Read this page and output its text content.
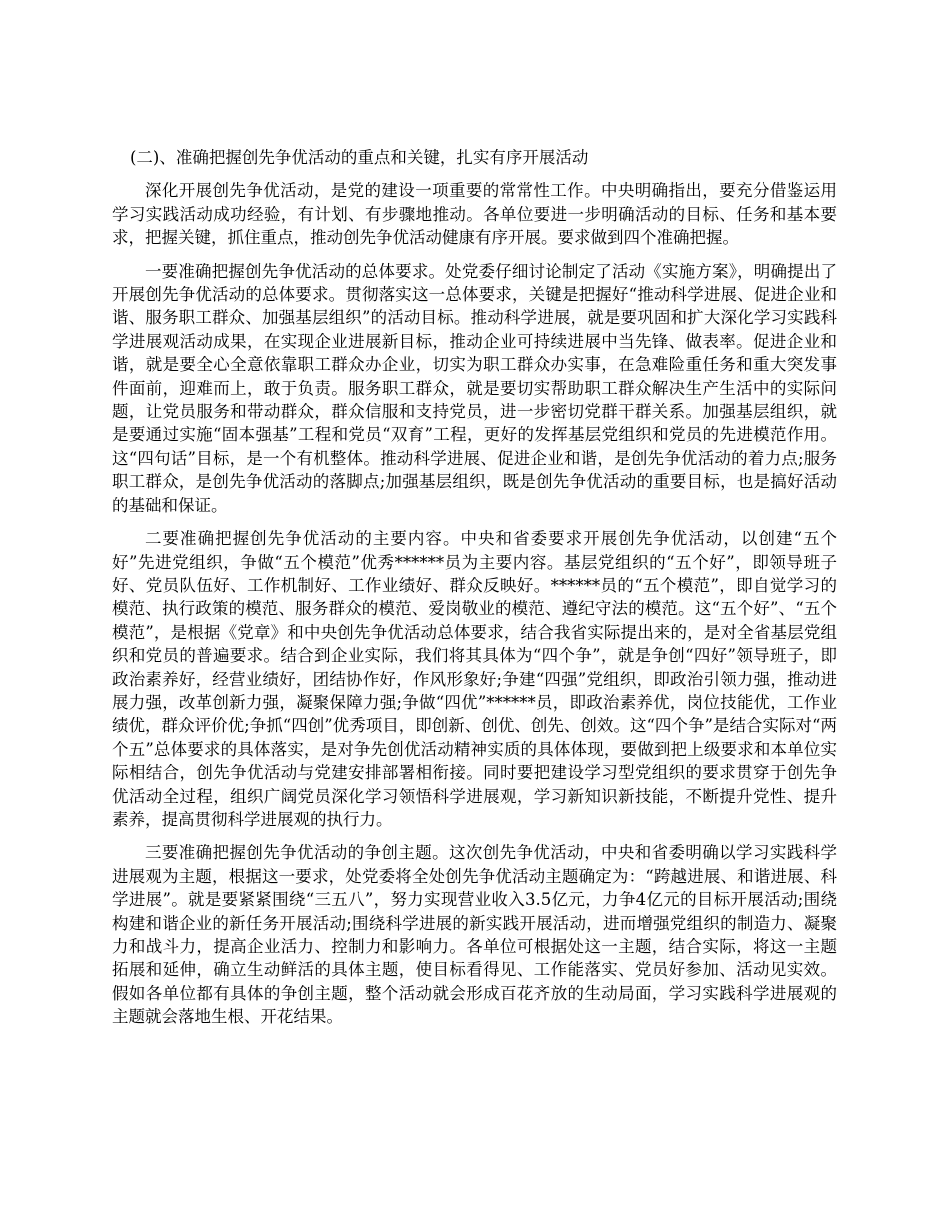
(二)、准确把握创先争优活动的重点和关键，扎实有序开展活动

深化开展创先争优活动，是党的建设一项重要的常常性工作。中央明确指出，要充分借鉴运用学习实践活动成功经验，有计划、有步骤地推动。各单位要进一步明确活动的目标、任务和基本要求，把握关键，抓住重点，推动创先争优活动健康有序开展。要求做到四个准确把握。

一要准确把握创先争优活动的总体要求。处党委仔细讨论制定了活动《实施方案》，明确提出了开展创先争优活动的总体要求。贯彻落实这一总体要求，关键是把握好“推动科学进展、促进企业和谐、服务职工群众、加强基层组织”的活动目标。推动科学进展，就是要巩固和扩大深化学习实践科学进展观活动成果，在实现企业进展新目标，推动企业可持续进展中当先锋、做表率。促进企业和谐，就是要全心全意依靠职工群众办企业，切实为职工群众办实事，在急难险重任务和重大突发事件面前，迎难而上，敢于负责。服务职工群众，就是要切实帮助职工群众解决生产生活中的实际问题，让党员服务和带动群众，群众信服和支持党员，进一步密切党群干群关系。加强基层组织，就是要通过实施“固本强基”工程和党员“双育”工程，更好的发挥基层党组织和党员的先进模范作用。这“四句话”目标，是一个有机整体。推动科学进展、促进企业和谐，是创先争优活动的着力点;服务职工群众，是创先争优活动的落脚点;加强基层组织，既是创先争优活动的重要目标，也是搞好活动的基础和保证。

二要准确把握创先争优活动的主要内容。中央和省委要求开展创先争优活动，以创建“五个好”先进党组织，争做“五个模范”优秀******员为主要内容。基层党组织的“五个好”，即领导班子好、党员队伍好、工作机制好、工作业绩好、群众反映好。******员的“五个模范”，即自觉学习的模范、执行政策的模范、服务群众的模范、爱岗敬业的模范、遵纪守法的模范。这“五个好”、“五个模范”，是根据《党章》和中央创先争优活动总体要求，结合我省实际提出来的，是对全省基层党组织和党员的普遍要求。结合到企业实际，我们将其具体为“四个争”，就是争创“四好”领导班子，即政治素养好，经营业绩好，团结协作好，作风形象好;争建“四强”党组织，即政治引领力强，推动进展力强，改革创新力强，凝聚保障力强;争做“四优”******员，即政治素养优，岗位技能优，工作业绩优，群众评价优;争抓“四创”优秀项目，即创新、创优、创先、创效。这“四个争”是结合实际对“两个五”总体要求的具体落实，是对争先创优活动精神实质的具体体现，要做到把上级要求和本单位实际相结合，创先争优活动与党建安排部署相衔接。同时要把建设学习型党组织的要求贯穿于创先争优活动全过程，组织广阔党员深化学习领悟科学进展观，学习新知识新技能，不断提升党性、提升素养，提高贯彻科学进展观的执行力。

三要准确把握创先争优活动的争创主题。这次创先争优活动，中央和省委明确以学习实践科学进展观为主题，根据这一要求，处党委将全处创先争优活动主题确定为：“跨越进展、和谐进展、科学进展”。就是要紧紧围绕“三五八”，努力实现营业收入3.5亿元，力争4亿元的目标开展活动;围绕构建和谐企业的新任务开展活动;围绕科学进展的新实践开展活动，进而增强党组织的制造力、凝聚力和战斗力，提高企业活力、控制力和影响力。各单位可根据处这一主题，结合实际，将这一主题拓展和延伸，确立生动鲜活的具体主题，使目标看得见、工作能落实、党员好参加、活动见实效。假如各单位都有具体的争创主题，整个活动就会形成百花齐放的生动局面，学习实践科学进展观的主题就会落地生根、开花结果。
